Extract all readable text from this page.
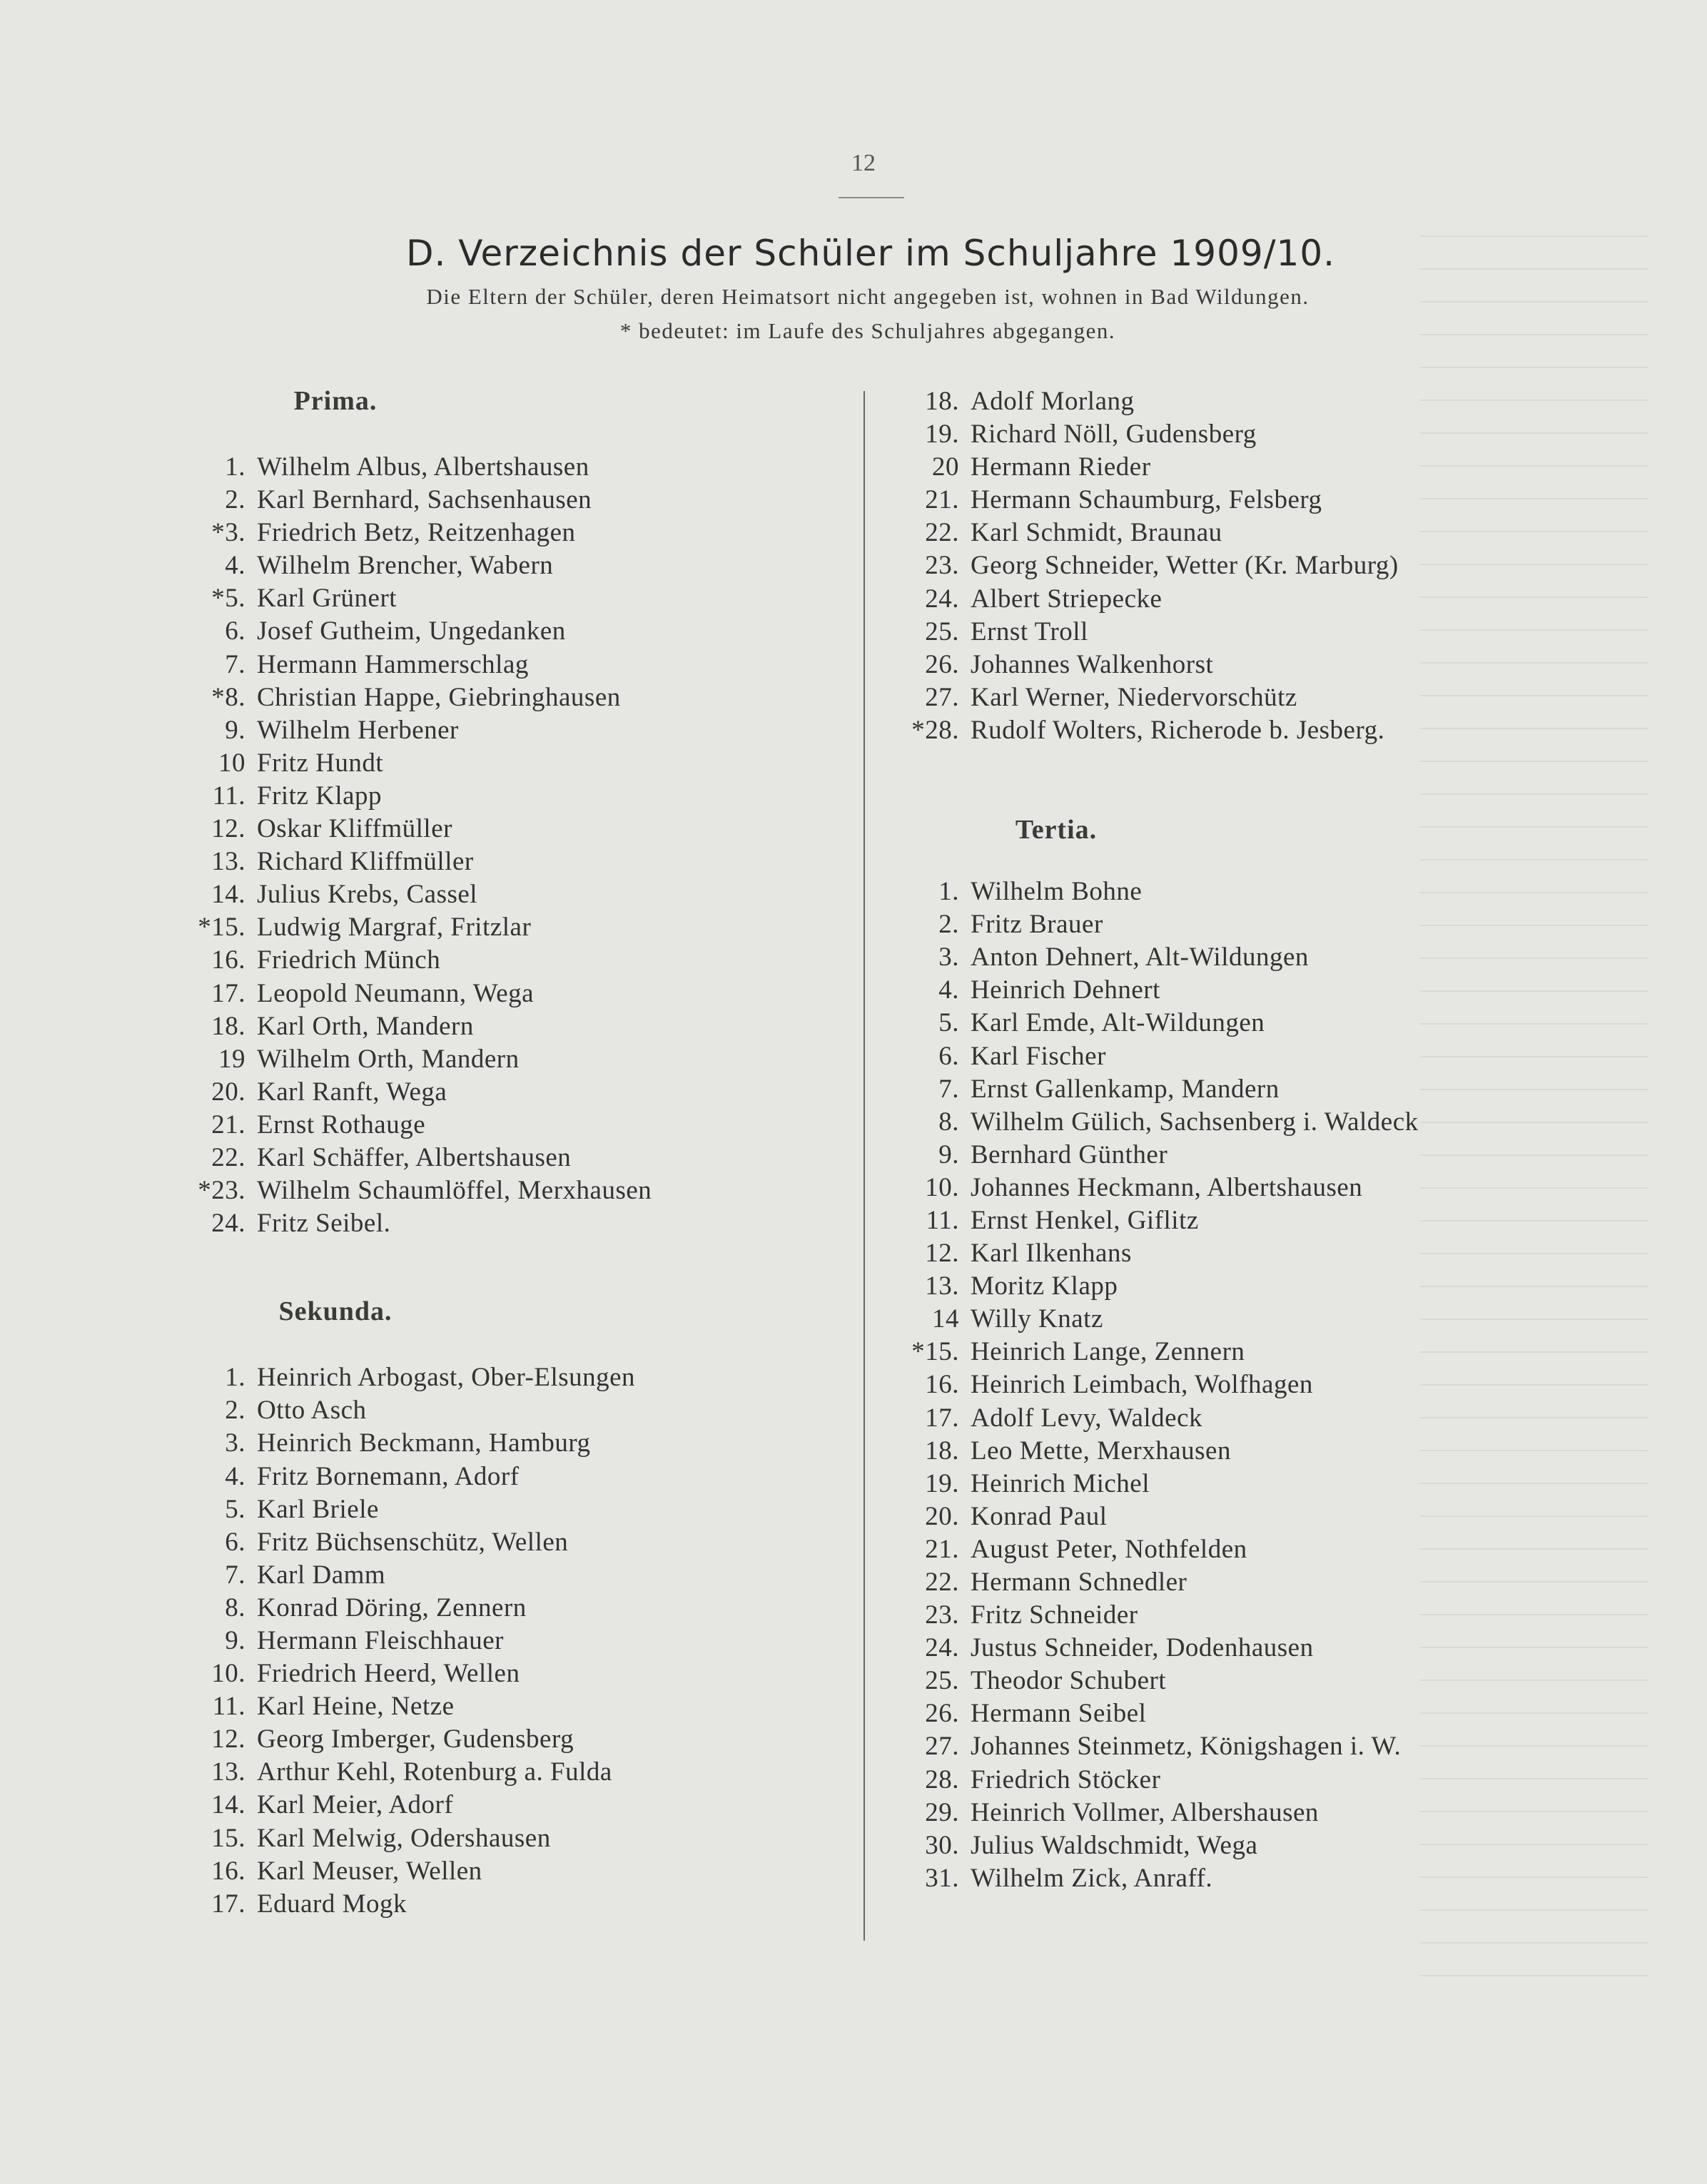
12
D. Verzeichnis der Schüler im Schuljahre 1909/10.
Die Eltern der Schüler, deren Heimatsort nicht angegeben ist, wohnen in Bad Wildungen.
* bedeutet: im Laufe des Schuljahres abgegangen.
Prima.
1. Wilhelm Albus, Albertshausen
2. Karl Bernhard, Sachsenhausen
*3. Friedrich Betz, Reitzenhagen
4. Wilhelm Brencher, Wabern
*5. Karl Grünert
6. Josef Gutheim, Ungedanken
7. Hermann Hammerschlag
*8. Christian Happe, Giebringhausen
9. Wilhelm Herbener
10 Fritz Hundt
11. Fritz Klapp
12. Oskar Kliffmüller
13. Richard Kliffmüller
14. Julius Krebs, Cassel
*15. Ludwig Margraf, Fritzlar
16. Friedrich Münch
17. Leopold Neumann, Wega
18. Karl Orth, Mandern
19 Wilhelm Orth, Mandern
20. Karl Ranft, Wega
21. Ernst Rothauge
22. Karl Schäffer, Albertshausen
*23. Wilhelm Schaumlöffel, Merxhausen
24. Fritz Seibel.
Sekunda.
1. Heinrich Arbogast, Ober-Elsungen
2. Otto Asch
3. Heinrich Beckmann, Hamburg
4. Fritz Bornemann, Adorf
5. Karl Briele
6. Fritz Büchsenschütz, Wellen
7. Karl Damm
8. Konrad Döring, Zennern
9. Hermann Fleischhauer
10. Friedrich Heerd, Wellen
11. Karl Heine, Netze
12. Georg Imberger, Gudensberg
13. Arthur Kehl, Rotenburg a. Fulda
14. Karl Meier, Adorf
15. Karl Melwig, Odershausen
16. Karl Meuser, Wellen
17. Eduard Mogk
18. Adolf Morlang
19. Richard Nöll, Gudensberg
20 Hermann Rieder
21. Hermann Schaumburg, Felsberg
22. Karl Schmidt, Braunau
23. Georg Schneider, Wetter (Kr. Marburg)
24. Albert Striepecke
25. Ernst Troll
26. Johannes Walkenhorst
27. Karl Werner, Niedervorschütz
*28. Rudolf Wolters, Richerode b. Jesberg.
Tertia.
1. Wilhelm Bohne
2. Fritz Brauer
3. Anton Dehnert, Alt-Wildungen
4. Heinrich Dehnert
5. Karl Emde, Alt-Wildungen
6. Karl Fischer
7. Ernst Gallenkamp, Mandern
8. Wilhelm Gülich, Sachsenberg i. Waldeck
9. Bernhard Günther
10. Johannes Heckmann, Albertshausen
11. Ernst Henkel, Giflitz
12. Karl Ilkenhans
13. Moritz Klapp
14 Willy Knatz
*15. Heinrich Lange, Zennern
16. Heinrich Leimbach, Wolfhagen
17. Adolf Levy, Waldeck
18. Leo Mette, Merxhausen
19. Heinrich Michel
20. Konrad Paul
21. August Peter, Nothfelden
22. Hermann Schnedler
23. Fritz Schneider
24. Justus Schneider, Dodenhausen
25. Theodor Schubert
26. Hermann Seibel
27. Johannes Steinmetz, Königshagen i. W.
28. Friedrich Stöcker
29. Heinrich Vollmer, Albershausen
30. Julius Waldschmidt, Wega
31. Wilhelm Zick, Anraff.
